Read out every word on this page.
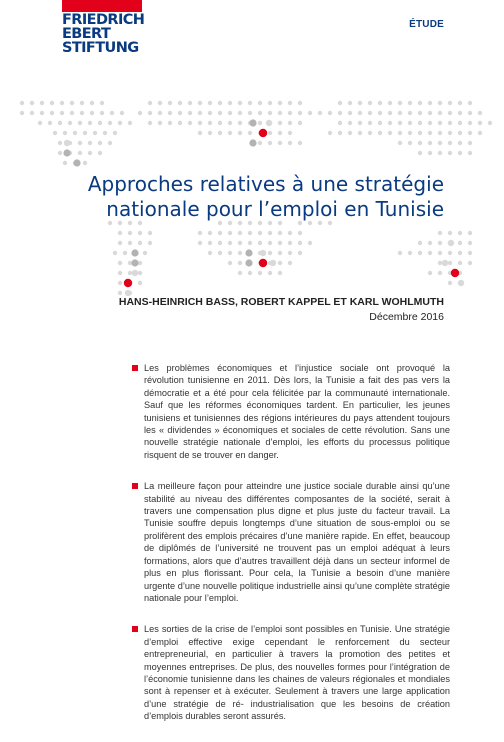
FRIEDRICH
EBERT
STIFTUNG
ÉTUDE
Approches relatives à une stratégie
nationale pour l’emploi en Tunisie
HANS-HEINRICH BASS, ROBERT KAPPEL ET KARL WOHLMUTH
Décembre 2016
Les problèmes économiques et l’injustice sociale ont provoqué la révolution tunisienne en 2011. Dès lors, la Tunisie a fait des pas vers la démocratie et a été pour cela félicitée par la communauté internationale. Sauf que les réformes économiques tardent. En particulier, les jeunes tunisiens et tunisiennes des régions intérieures du pays attendent toujours les « dividendes » économiques et sociales de cette révolution. Sans une nouvelle stratégie nationale d’emploi, les efforts du processus politique risquent de se trouver en danger.
La meilleure façon pour atteindre une justice sociale durable ainsi qu’une stabilité au niveau des différentes composantes de la société, serait à travers une compensation plus digne et plus juste du facteur travail. La Tunisie souffre depuis longtemps d’une situation de sous-emploi ou se prolifèrent des emplois précaires d’une manière rapide. En effet, beaucoup de diplômés de l’université ne trouvent pas un emploi adéquat à leurs formations, alors que d’autres travaillent déjà dans un secteur informel de plus en plus florissant. Pour cela, la Tunisie a besoin d’une manière urgente d’une nouvelle politique industrielle ainsi qu’une complète stratégie nationale pour l’emploi.
Les sorties de la crise de l’emploi sont possibles en Tunisie. Une stratégie d’emploi effective exige cependant le renforcement du secteur entrepreneurial, en particulier à travers la promotion des petites et moyennes entreprises. De plus, des nouvelles formes pour l’intégration de l’économie tunisienne dans les chaines de valeurs régionales et mondiales sont à repenser et à exécuter. Seulement à travers une large application d’une stratégie de ré- industrialisation que les besoins de création d’emplois durables seront assurés.
